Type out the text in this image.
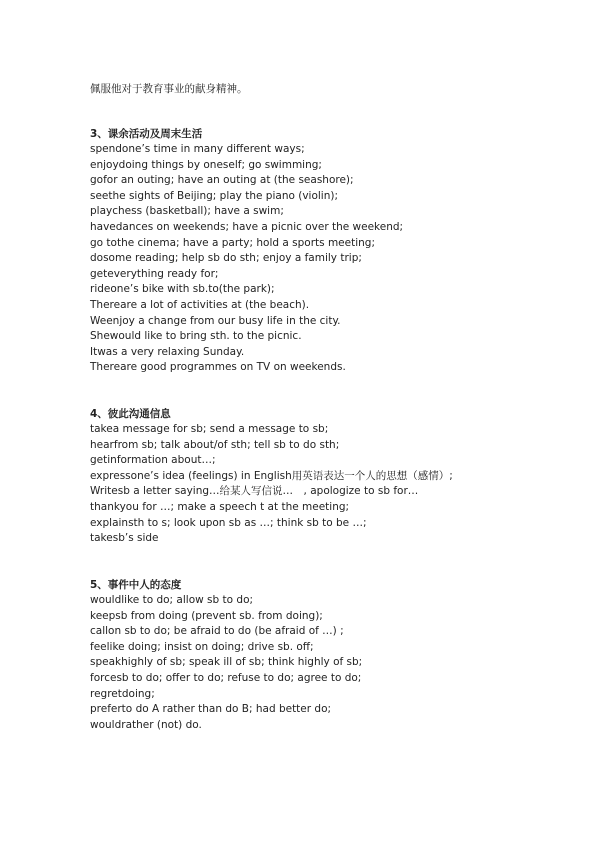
佩服他对于教育事业的献身精神。
3、课余活动及周末生活
spendone’s time in many different ways;
enjoydoing things by oneself; go swimming;
gofor an outing; have an outing at (the seashore);
seethe sights of Beijing; play the piano (violin);
playchess (basketball); have a swim;
havedances on weekends; have a picnic over the weekend;
go tothe cinema; have a party; hold a sports meeting;
dosome reading; help sb do sth; enjoy a family trip;
geteverything ready for;
rideone’s bike with sb.to(the park);
Thereare a lot of activities at (the beach).
Weenjoy a change from our busy life in the city.
Shewould like to bring sth. to the picnic.
Itwas a very relaxing Sunday.
Thereare good programmes on TV on weekends.
4、彼此沟通信息
takea message for sb; send a message to sb;
hearfrom sb; talk about/of sth; tell sb to do sth;
getinformation about…;
expressone’s idea (feelings) in English用英语表达一个人的思想（感情）;
Writesb a letter saying…给某人写信说…　, apologize to sb for…
thankyou for …; make a speech t at the meeting;
explainsth to s; look upon sb as …; think sb to be …;
takesb’s side
5、事件中人的态度
wouldlike to do; allow sb to do;
keepsb from doing (prevent sb. from doing);
callon sb to do; be afraid to do (be afraid of …) ;
feelike doing; insist on doing; drive sb. off;
speakhighly of sb; speak ill of sb; think highly of sb;
forcesb to do; offer to do; refuse to do; agree to do;
regretdoing;
preferto do A rather than do B; had better do;
wouldrather (not) do.
